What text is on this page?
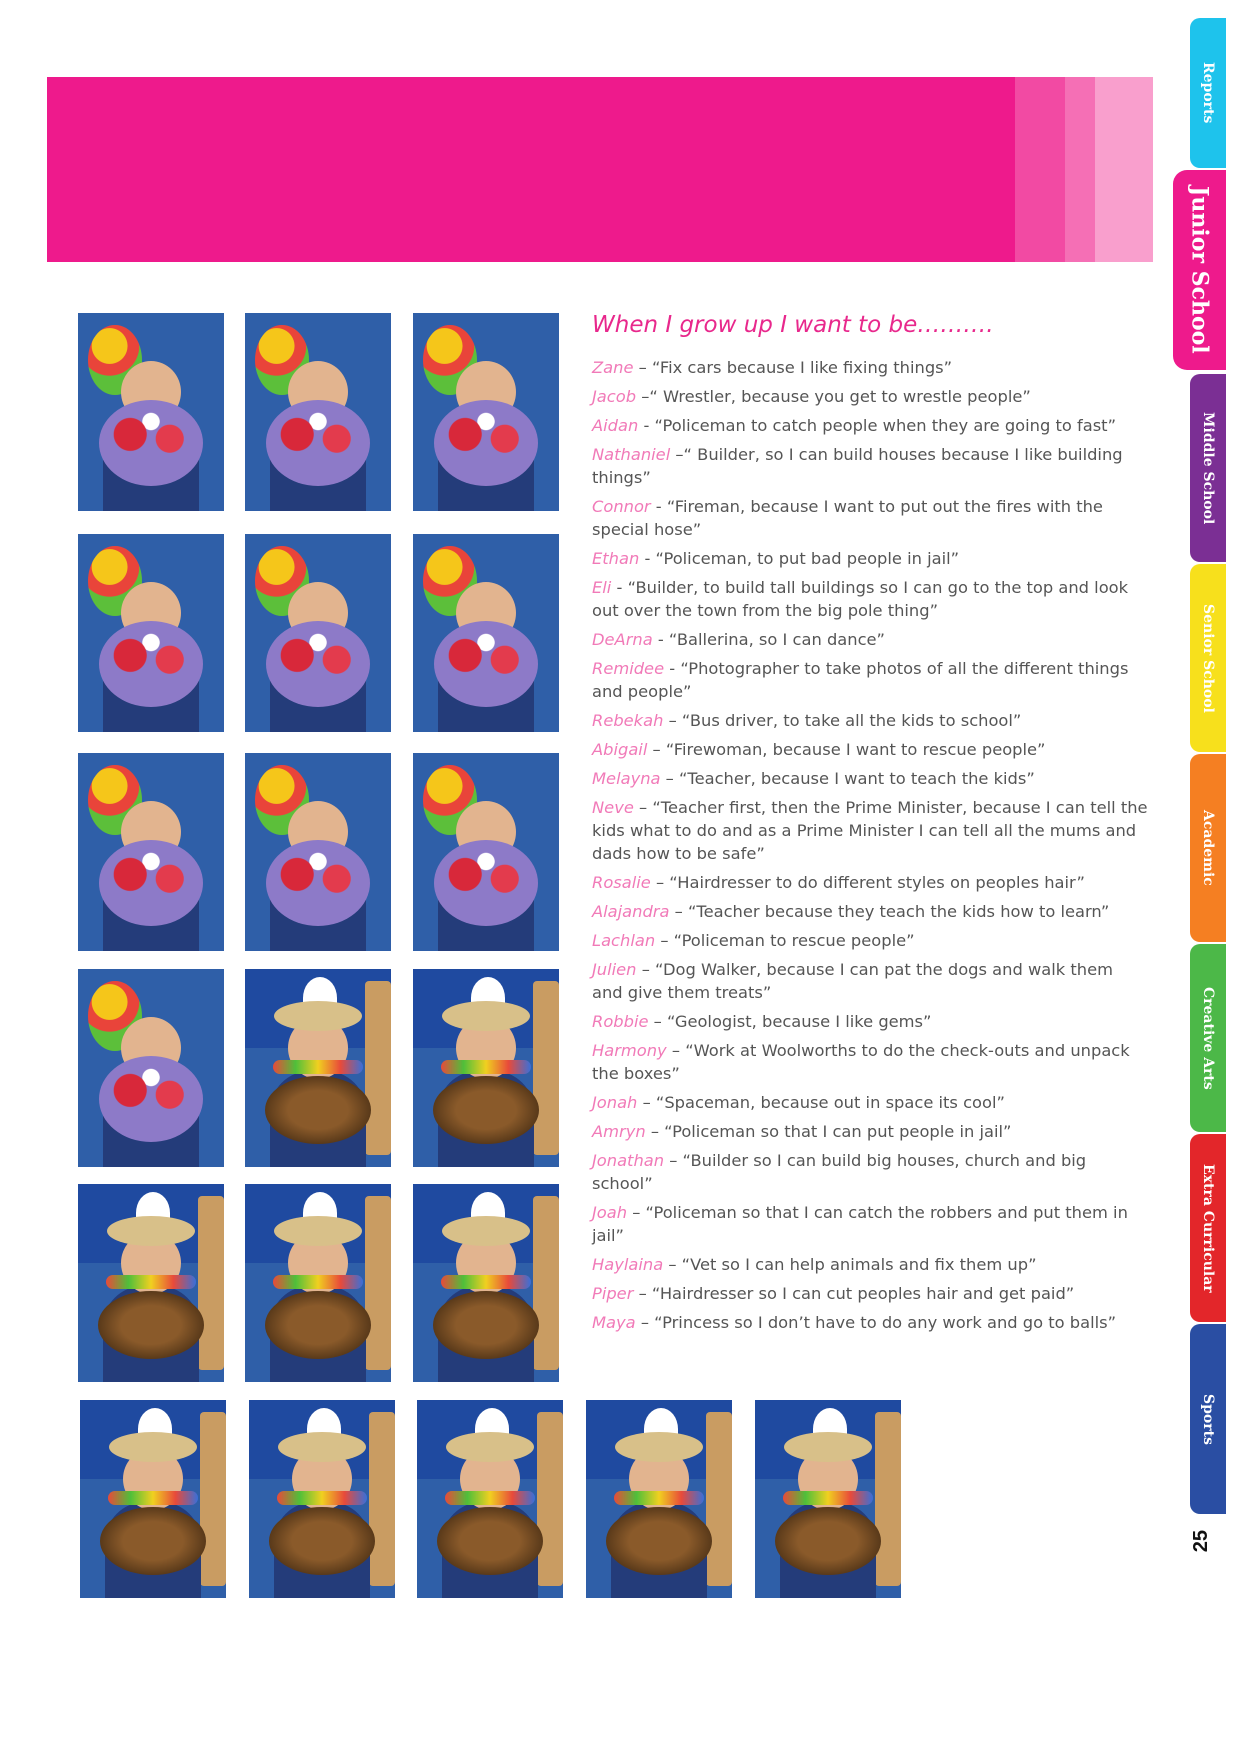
Reports
Junior School
Middle School
Senior School
Academic
Creative Arts
Extra Curricular
Sports
25
When I grow up I want to be……….
Zane – “Fix cars because I like fixing things”
Jacob –“ Wrestler, because you get to wrestle people”
Aidan - “Policeman to catch people when they are going to fast”
Nathaniel –“ Builder, so I can build houses because I like building things”
Connor - “Fireman, because I want to put out the fires with the special hose”
Ethan - “Policeman, to put bad people in jail”
Eli - “Builder, to build tall buildings so I can go to the top and look out over the town from the big pole thing”
DeArna - “Ballerina, so I can dance”
Remidee - “Photographer to take photos of all the different things and people”
Rebekah – “Bus driver, to take all the kids to school”
Abigail – “Firewoman, because I want to rescue people”
Melayna – “Teacher, because I want to teach the kids”
Neve – “Teacher first, then the Prime Minister, because I can tell the kids what to do and as a Prime Minister I can tell all the mums and dads how to be safe”
Rosalie – “Hairdresser to do different styles on peoples hair”
Alajandra – “Teacher because they teach the kids how to learn”
Lachlan – “Policeman to rescue people”
Julien – “Dog Walker, because I can pat the dogs and walk them and give them treats”
Robbie – “Geologist, because I like gems”
Harmony – “Work at Woolworths to do the check-outs and unpack the boxes”
Jonah – “Spaceman, because out in space its cool”
Amryn – “Policeman so that I can put people in jail”
Jonathan – “Builder so I can build big houses, church and big school”
Joah – “Policeman so that I can catch the robbers and put them in jail”
Haylaina – “Vet so I can help animals and fix them up”
Piper – “Hairdresser so I can cut peoples hair and get paid”
Maya – “Princess so I don’t have to do any work and go to balls”
